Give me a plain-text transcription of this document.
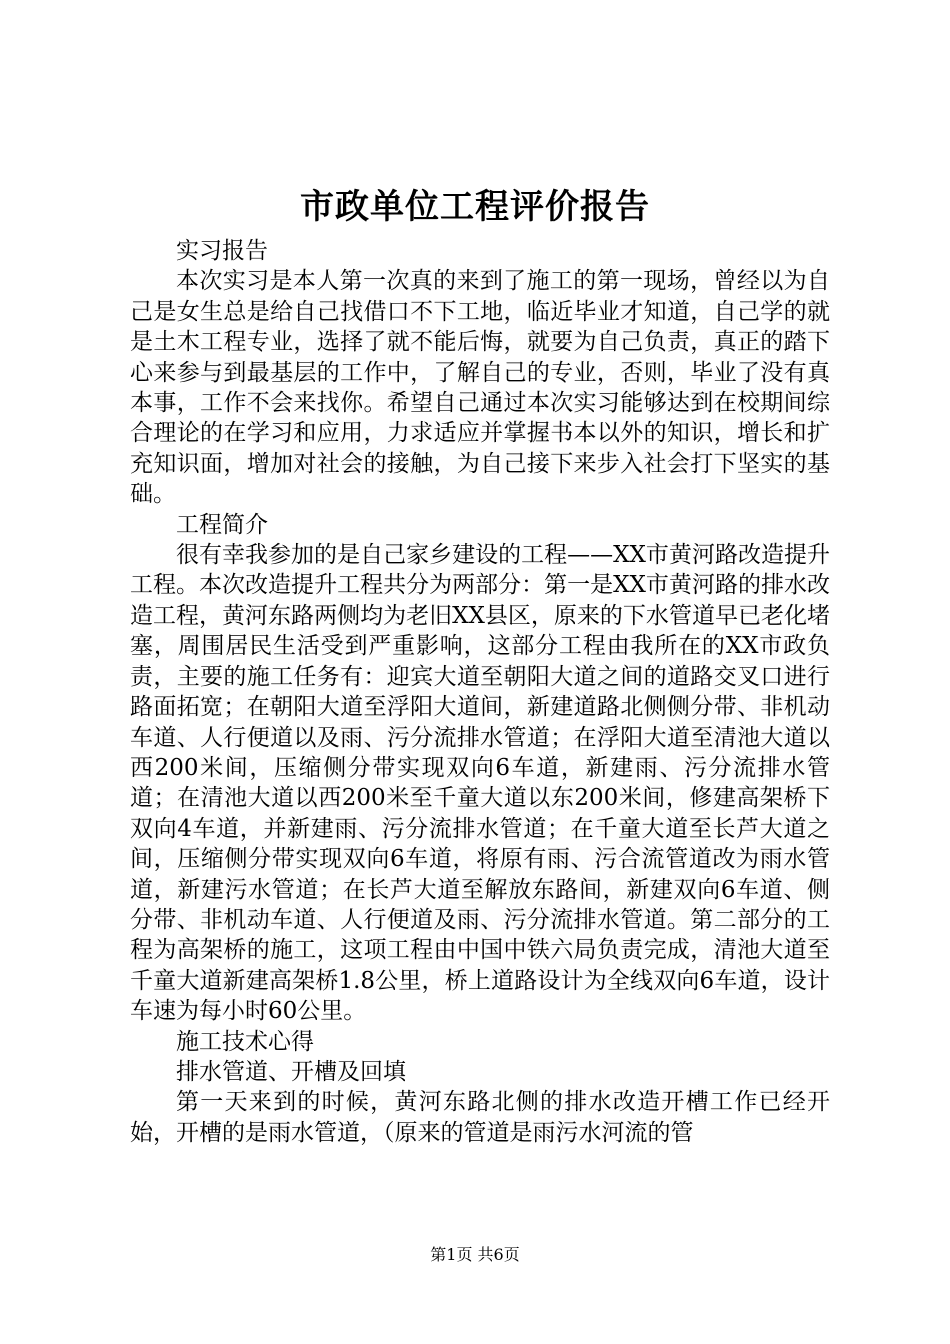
市政单位工程评价报告

实习报告

本次实习是本人第一次真的来到了施工的第一现场，曾经以为自己是女生总是给自己找借口不下工地，临近毕业才知道，自己学的就是土木工程专业，选择了就不能后悔，就要为自己负责，真正的踏下心来参与到最基层的工作中，了解自己的专业，否则，毕业了没有真本事，工作不会来找你。希望自己通过本次实习能够达到在校期间综合理论的在学习和应用，力求适应并掌握书本以外的知识，增长和扩充知识面，增加对社会的接触，为自己接下来步入社会打下坚实的基础。

工程简介

很有幸我参加的是自己家乡建设的工程——XX市黄河路改造提升工程。本次改造提升工程共分为两部分：第一是XX市黄河路的排水改造工程，黄河东路两侧均为老旧XX县区，原来的下水管道早已老化堵塞，周围居民生活受到严重影响，这部分工程由我所在的XX市政负责，主要的施工任务有：迎宾大道至朝阳大道之间的道路交叉口进行路面拓宽；在朝阳大道至浮阳大道间，新建道路北侧侧分带、非机动车道、人行便道以及雨、污分流排水管道；在浮阳大道至清池大道以西200米间，压缩侧分带实现双向6车道，新建雨、污分流排水管道；在清池大道以西200米至千童大道以东200米间，修建高架桥下双向4车道，并新建雨、污分流排水管道；在千童大道至长芦大道之间，压缩侧分带实现双向6车道，将原有雨、污合流管道改为雨水管道，新建污水管道；在长芦大道至解放东路间，新建双向6车道、侧分带、非机动车道、人行便道及雨、污分流排水管道。第二部分的工程为高架桥的施工，这项工程由中国中铁六局负责完成，清池大道至千童大道新建高架桥1.8公里，桥上道路设计为全线双向6车道，设计车速为每小时60公里。

施工技术心得

排水管道、开槽及回填

第一天来到的时候，黄河东路北侧的排水改造开槽工作已经开始，开槽的是雨水管道，（原来的管道是雨污水河流的管

第1页 共6页
